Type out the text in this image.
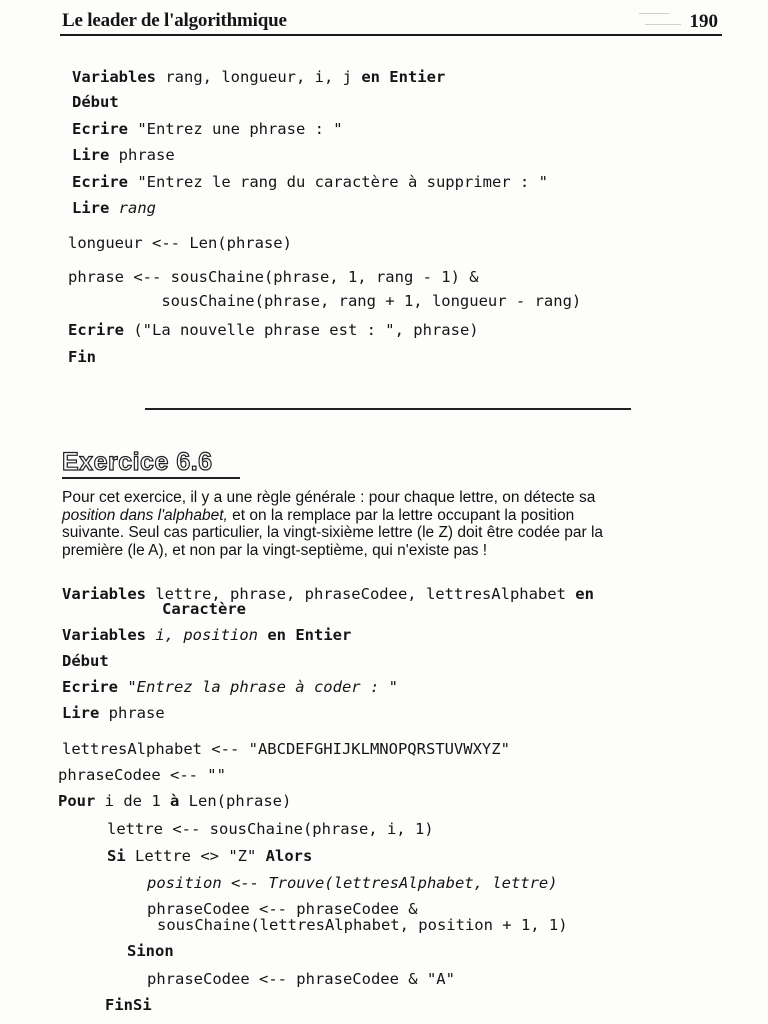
Le leader de l'algorithmique	190
Variables rang, longueur, i, j en Entier
Début
Ecrire "Entrez une phrase : "
Lire phrase
Ecrire "Entrez le rang du caractère à supprimer : "
Lire rang
longueur <-- Len(phrase)
phrase <-- sousChaine(phrase, 1, rang - 1) &
sousChaine(phrase, rang + 1, longueur - rang)
Ecrire ("La nouvelle phrase est : ", phrase)
Fin
Exercice 6.6
Pour cet exercice, il y a une règle générale : pour chaque lettre, on détecte sa
position dans l'alphabet, et on la remplace par la lettre occupant la position
suivante. Seul cas particulier, la vingt-sixième lettre (le Z) doit être codée par la
première (le A), et non par la vingt-septième, qui n'existe pas !
Variables lettre, phrase, phraseCodee, lettresAlphabet en
Caractère
Variables i, position en Entier
Début
Ecrire "Entrez la phrase à coder : "
Lire phrase
lettresAlphabet <-- "ABCDEFGHIJKLMNOPQRSTUVWXYZ"
phraseCodee <-- ""
Pour i de 1 à Len(phrase)
lettre <-- sousChaine(phrase, i, 1)
Si Lettre <> "Z" Alors
position <-- Trouve(lettresAlphabet, lettre)
phraseCodee <-- phraseCodee &
sousChaine(lettresAlphabet, position + 1, 1)
Sinon
phraseCodee <-- phraseCodee & "A"
FinSi
